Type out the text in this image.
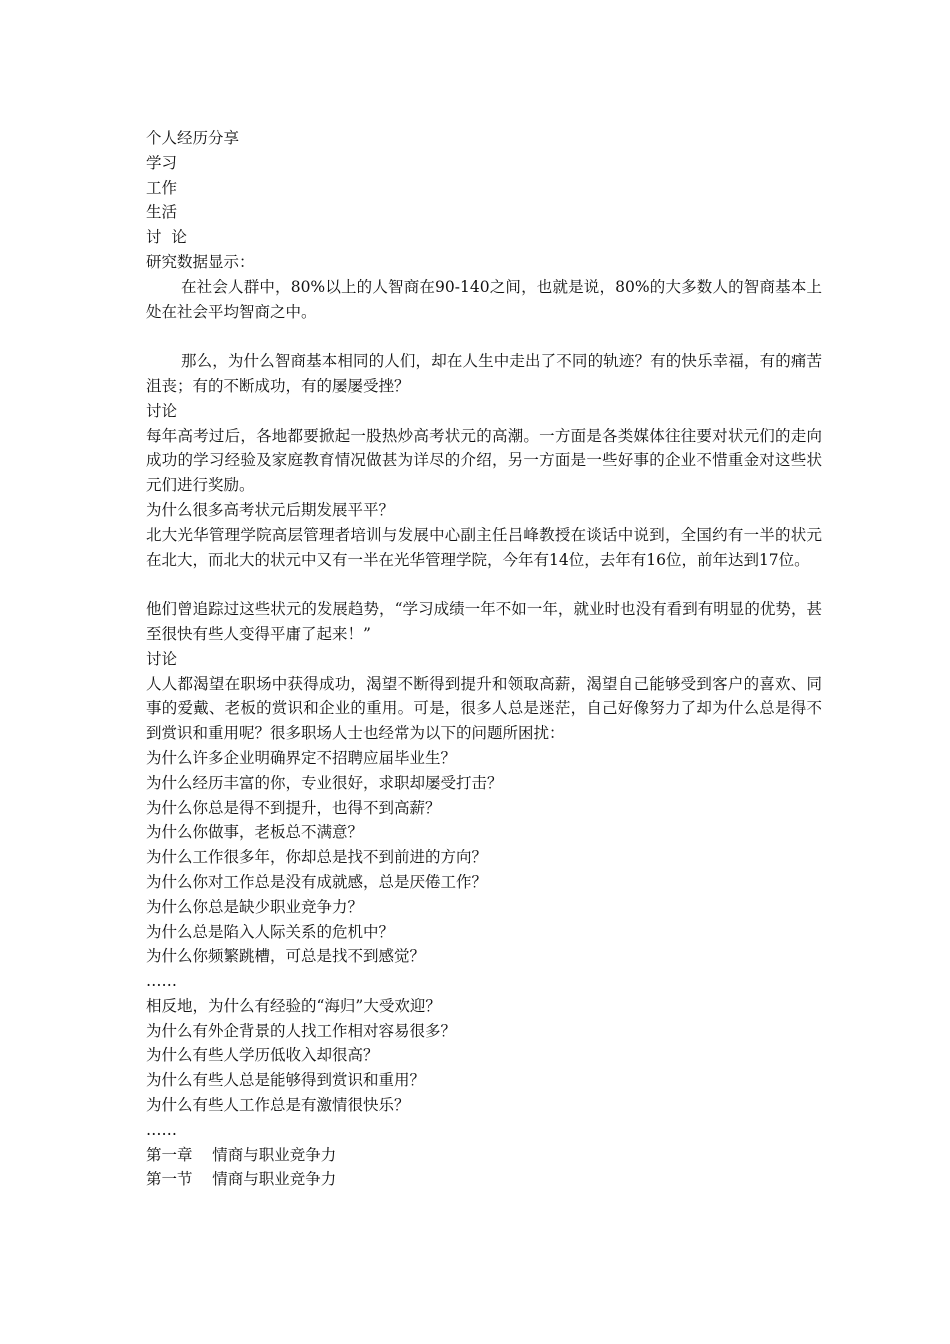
个人经历分享
学习
工作
生活
讨  论
研究数据显示：
在社会人群中，80%以上的人智商在90-140之间，也就是说，80%的大多数人的智商基本上处在社会平均智商之中。
那么，为什么智商基本相同的人们，却在人生中走出了不同的轨迹？有的快乐幸福，有的痛苦沮丧；有的不断成功，有的屡屡受挫？
讨论
每年高考过后，各地都要掀起一股热炒高考状元的高潮。一方面是各类媒体往往要对状元们的走向成功的学习经验及家庭教育情况做甚为详尽的介绍，另一方面是一些好事的企业不惜重金对这些状元们进行奖励。
为什么很多高考状元后期发展平平？
北大光华管理学院高层管理者培训与发展中心副主任吕峰教授在谈话中说到，全国约有一半的状元在北大，而北大的状元中又有一半在光华管理学院，今年有14位，去年有16位，前年达到17位。
他们曾追踪过这些状元的发展趋势，“学习成绩一年不如一年，就业时也没有看到有明显的优势，甚至很快有些人变得平庸了起来！”
讨论
人人都渴望在职场中获得成功，渴望不断得到提升和领取高薪，渴望自己能够受到客户的喜欢、同事的爱戴、老板的赏识和企业的重用。可是，很多人总是迷茫，自己好像努力了却为什么总是得不到赏识和重用呢？很多职场人士也经常为以下的问题所困扰：
为什么许多企业明确界定不招聘应届毕业生？
为什么经历丰富的你，专业很好，求职却屡受打击？
为什么你总是得不到提升，也得不到高薪？
为什么你做事，老板总不满意？
为什么工作很多年，你却总是找不到前进的方向？
为什么你对工作总是没有成就感，总是厌倦工作？
为什么你总是缺少职业竞争力？
为什么总是陷入人际关系的危机中？
为什么你频繁跳槽，可总是找不到感觉？
……
相反地，为什么有经验的“海归”大受欢迎？
为什么有外企背景的人找工作相对容易很多？
为什么有些人学历低收入却很高？
为什么有些人总是能够得到赏识和重用？
为什么有些人工作总是有激情很快乐？
……
第一章    情商与职业竞争力
第一节    情商与职业竞争力
